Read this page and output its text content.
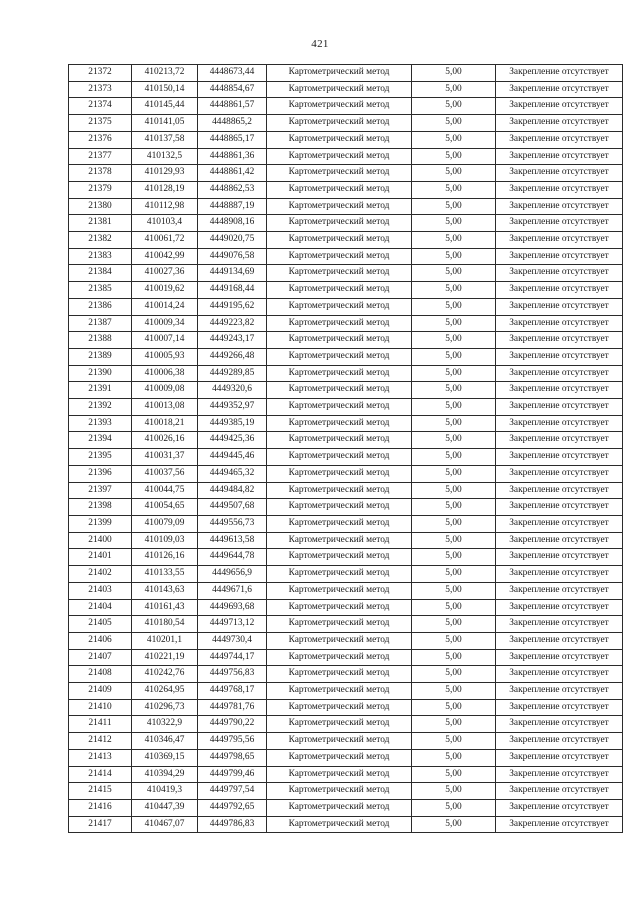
421
21372	410213,72	4448673,44	Картометрический метод	5,00	Закрепление отсутствует
21373	410150,14	4448854,67	Картометрический метод	5,00	Закрепление отсутствует
21374	410145,44	4448861,57	Картометрический метод	5,00	Закрепление отсутствует
21375	410141,05	4448865,2	Картометрический метод	5,00	Закрепление отсутствует
21376	410137,58	4448865,17	Картометрический метод	5,00	Закрепление отсутствует
21377	410132,5	4448861,36	Картометрический метод	5,00	Закрепление отсутствует
21378	410129,93	4448861,42	Картометрический метод	5,00	Закрепление отсутствует
21379	410128,19	4448862,53	Картометрический метод	5,00	Закрепление отсутствует
21380	410112,98	4448887,19	Картометрический метод	5,00	Закрепление отсутствует
21381	410103,4	4448908,16	Картометрический метод	5,00	Закрепление отсутствует
21382	410061,72	4449020,75	Картометрический метод	5,00	Закрепление отсутствует
21383	410042,99	4449076,58	Картометрический метод	5,00	Закрепление отсутствует
21384	410027,36	4449134,69	Картометрический метод	5,00	Закрепление отсутствует
21385	410019,62	4449168,44	Картометрический метод	5,00	Закрепление отсутствует
21386	410014,24	4449195,62	Картометрический метод	5,00	Закрепление отсутствует
21387	410009,34	4449223,82	Картометрический метод	5,00	Закрепление отсутствует
21388	410007,14	4449243,17	Картометрический метод	5,00	Закрепление отсутствует
21389	410005,93	4449266,48	Картометрический метод	5,00	Закрепление отсутствует
21390	410006,38	4449289,85	Картометрический метод	5,00	Закрепление отсутствует
21391	410009,08	4449320,6	Картометрический метод	5,00	Закрепление отсутствует
21392	410013,08	4449352,97	Картометрический метод	5,00	Закрепление отсутствует
21393	410018,21	4449385,19	Картометрический метод	5,00	Закрепление отсутствует
21394	410026,16	4449425,36	Картометрический метод	5,00	Закрепление отсутствует
21395	410031,37	4449445,46	Картометрический метод	5,00	Закрепление отсутствует
21396	410037,56	4449465,32	Картометрический метод	5,00	Закрепление отсутствует
21397	410044,75	4449484,82	Картометрический метод	5,00	Закрепление отсутствует
21398	410054,65	4449507,68	Картометрический метод	5,00	Закрепление отсутствует
21399	410079,09	4449556,73	Картометрический метод	5,00	Закрепление отсутствует
21400	410109,03	4449613,58	Картометрический метод	5,00	Закрепление отсутствует
21401	410126,16	4449644,78	Картометрический метод	5,00	Закрепление отсутствует
21402	410133,55	4449656,9	Картометрический метод	5,00	Закрепление отсутствует
21403	410143,63	4449671,6	Картометрический метод	5,00	Закрепление отсутствует
21404	410161,43	4449693,68	Картометрический метод	5,00	Закрепление отсутствует
21405	410180,54	4449713,12	Картометрический метод	5,00	Закрепление отсутствует
21406	410201,1	4449730,4	Картометрический метод	5,00	Закрепление отсутствует
21407	410221,19	4449744,17	Картометрический метод	5,00	Закрепление отсутствует
21408	410242,76	4449756,83	Картометрический метод	5,00	Закрепление отсутствует
21409	410264,95	4449768,17	Картометрический метод	5,00	Закрепление отсутствует
21410	410296,73	4449781,76	Картометрический метод	5,00	Закрепление отсутствует
21411	410322,9	4449790,22	Картометрический метод	5,00	Закрепление отсутствует
21412	410346,47	4449795,56	Картометрический метод	5,00	Закрепление отсутствует
21413	410369,15	4449798,65	Картометрический метод	5,00	Закрепление отсутствует
21414	410394,29	4449799,46	Картометрический метод	5,00	Закрепление отсутствует
21415	410419,3	4449797,54	Картометрический метод	5,00	Закрепление отсутствует
21416	410447,39	4449792,65	Картометрический метод	5,00	Закрепление отсутствует
21417	410467,07	4449786,83	Картометрический метод	5,00	Закрепление отсутствует
